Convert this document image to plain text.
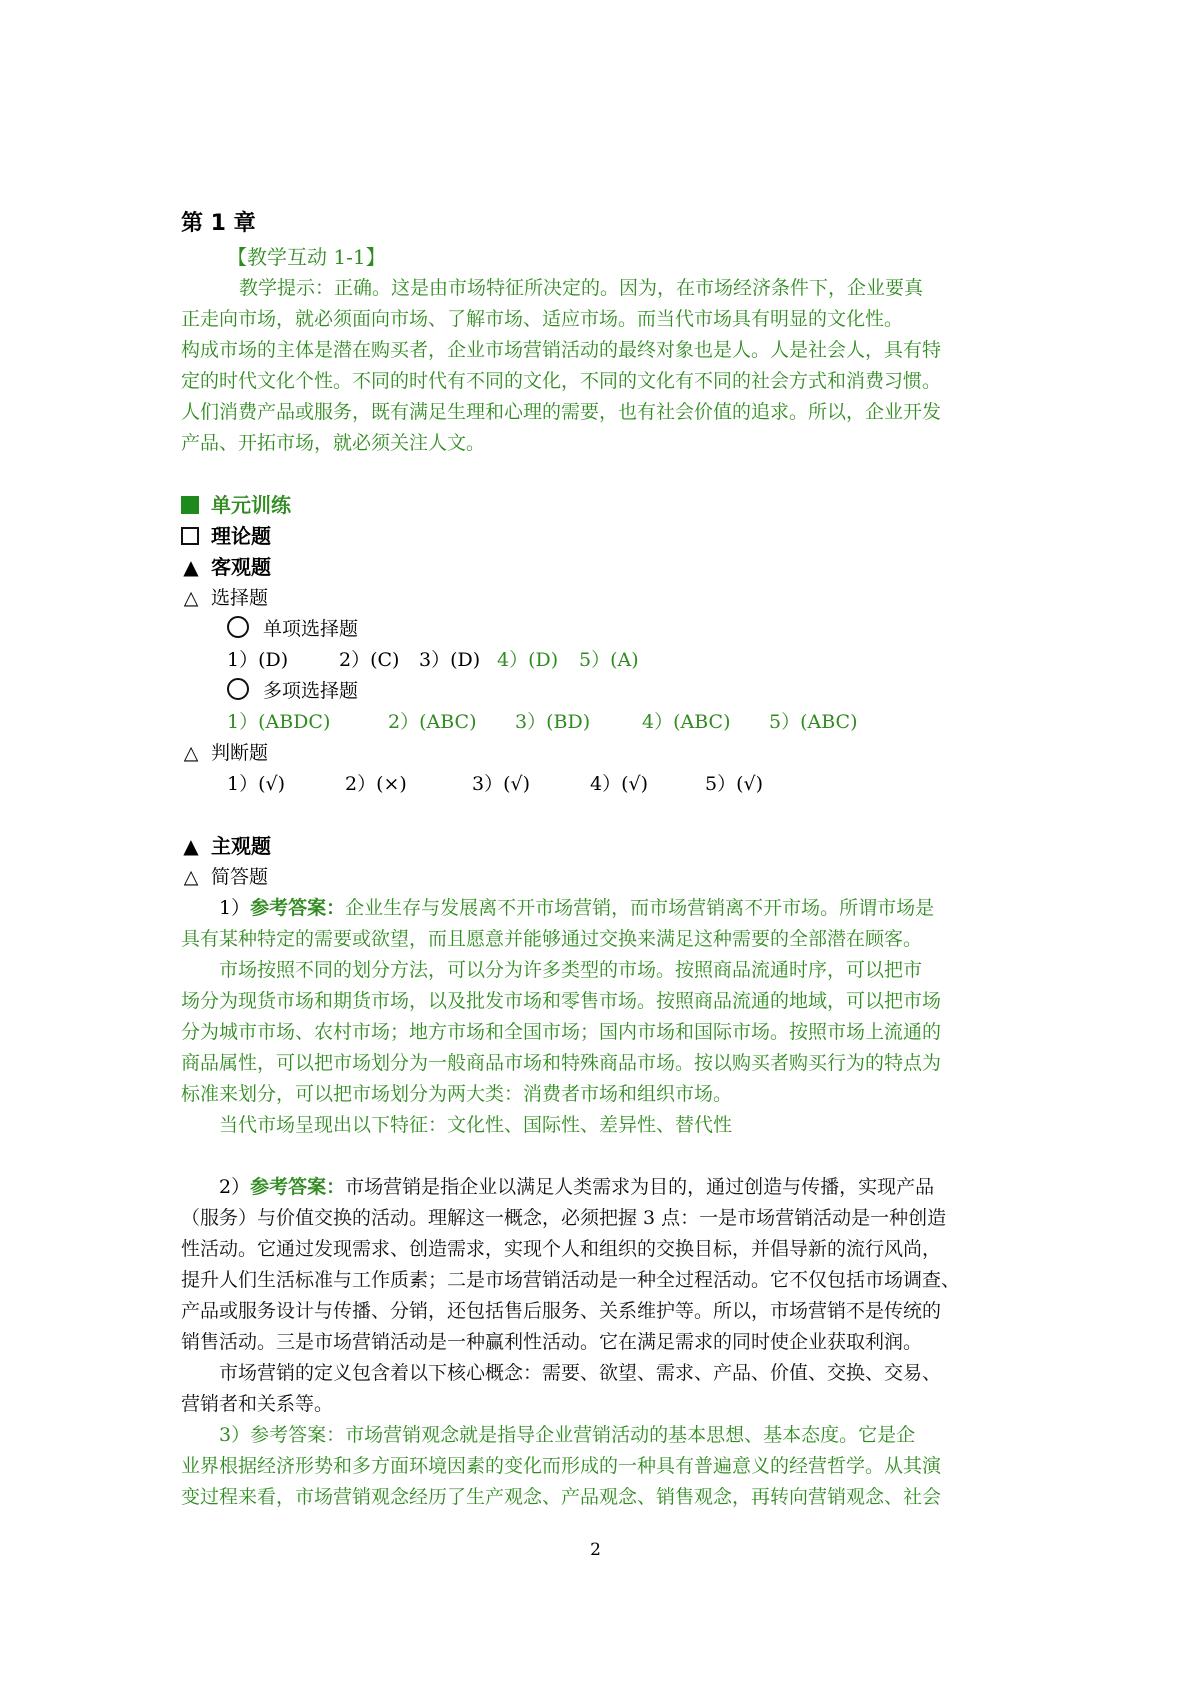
第 1 章
【教学互动 1-1】
教学提示：正确。这是由市场特征所决定的。因为，在市场经济条件下，企业要真
正走向市场，就必须面向市场、了解市场、适应市场。而当代市场具有明显的文化性。
构成市场的主体是潜在购买者，企业市场营销活动的最终对象也是人。人是社会人，具有特
定的时代文化个性。不同的时代有不同的文化，不同的文化有不同的社会方式和消费习惯。
人们消费产品或服务，既有满足生理和心理的需要，也有社会价值的追求。所以，企业开发
产品、开拓市场，就必须关注人文。
单元训练
理论题
▲ 客观题
△ 选择题
单项选择题
1）(D)	2）(C) 3）(D) 4）(D) 5）(A)
多项选择题
1）(ABDC)	2）(ABC) 3）(BD)	4）(ABC) 5）(ABC)
△ 判断题
1）(√)	2）(×)	3）(√)	4）(√)	5）(√)
▲ 主观题
△ 简答题
1）参考答案：企业生存与发展离不开市场营销，而市场营销离不开市场。所谓市场是
具有某种特定的需要或欲望，而且愿意并能够通过交换来满足这种需要的全部潜在顾客。
市场按照不同的划分方法，可以分为许多类型的市场。按照商品流通时序，可以把市
场分为现货市场和期货市场，以及批发市场和零售市场。按照商品流通的地域，可以把市场
分为城市市场、农村市场；地方市场和全国市场；国内市场和国际市场。按照市场上流通的
商品属性，可以把市场划分为一般商品市场和特殊商品市场。按以购买者购买行为的特点为
标准来划分，可以把市场划分为两大类：消费者市场和组织市场。
当代市场呈现出以下特征：文化性、国际性、差异性、替代性
2）参考答案：市场营销是指企业以满足人类需求为目的，通过创造与传播，实现产品
（服务）与价值交换的活动。理解这一概念，必须把握 3 点：一是市场营销活动是一种创造
性活动。它通过发现需求、创造需求，实现个人和组织的交换目标，并倡导新的流行风尚，
提升人们生活标准与工作质素；二是市场营销活动是一种全过程活动。它不仅包括市场调查、
产品或服务设计与传播、分销，还包括售后服务、关系维护等。所以，市场营销不是传统的
销售活动。三是市场营销活动是一种赢利性活动。它在满足需求的同时使企业获取利润。
市场营销的定义包含着以下核心概念：需要、欲望、需求、产品、价值、交换、交易、
营销者和关系等。
3）参考答案：市场营销观念就是指导企业营销活动的基本思想、基本态度。它是企
业界根据经济形势和多方面环境因素的变化而形成的一种具有普遍意义的经营哲学。从其演
变过程来看，市场营销观念经历了生产观念、产品观念、销售观念，再转向营销观念、社会
2
